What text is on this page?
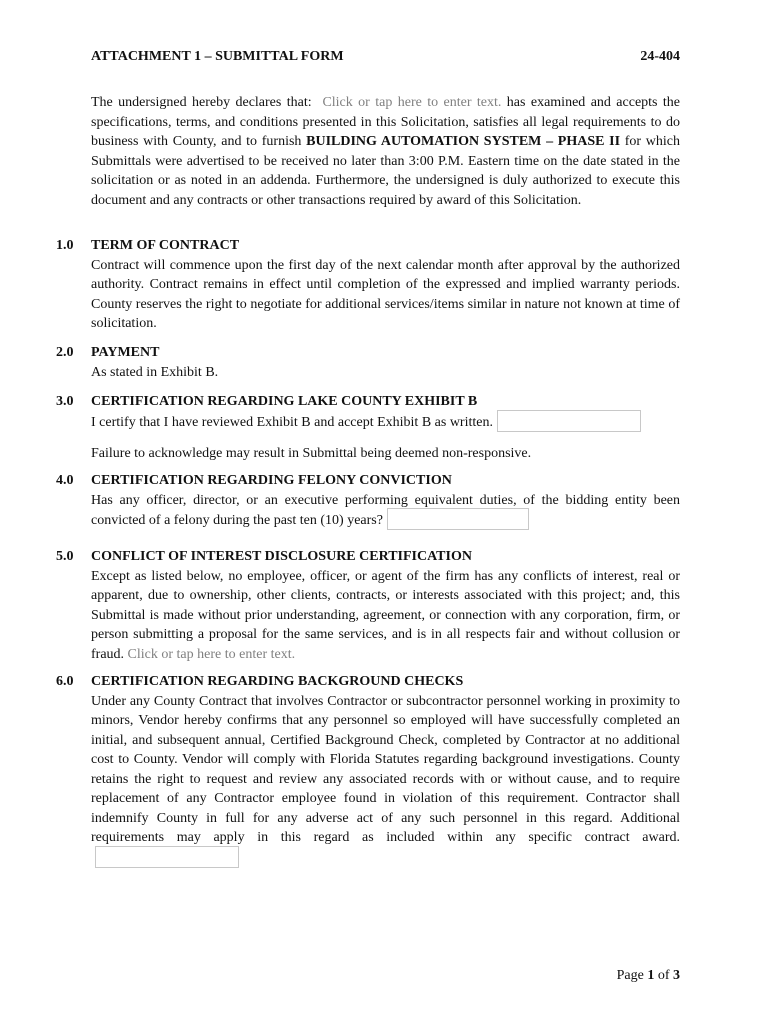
ATTACHMENT 1 – SUBMITTAL FORM	24-404
The undersigned hereby declares that: Click or tap here to enter text. has examined and accepts the specifications, terms, and conditions presented in this Solicitation, satisfies all legal requirements to do business with County, and to furnish BUILDING AUTOMATION SYSTEM – PHASE II for which Submittals were advertised to be received no later than 3:00 P.M. Eastern time on the date stated in the solicitation or as noted in an addenda. Furthermore, the undersigned is duly authorized to execute this document and any contracts or other transactions required by award of this Solicitation.
1.0	TERM OF CONTRACT
Contract will commence upon the first day of the next calendar month after approval by the authorized authority. Contract remains in effect until completion of the expressed and implied warranty periods. County reserves the right to negotiate for additional services/items similar in nature not known at time of solicitation.
2.0	PAYMENT
As stated in Exhibit B.
3.0	CERTIFICATION REGARDING LAKE COUNTY EXHIBIT B
I certify that I have reviewed Exhibit B and accept Exhibit B as written.
Failure to acknowledge may result in Submittal being deemed non-responsive.
4.0	CERTIFICATION REGARDING FELONY CONVICTION
Has any officer, director, or an executive performing equivalent duties, of the bidding entity been convicted of a felony during the past ten (10) years?
5.0	CONFLICT OF INTEREST DISCLOSURE CERTIFICATION
Except as listed below, no employee, officer, or agent of the firm has any conflicts of interest, real or apparent, due to ownership, other clients, contracts, or interests associated with this project; and, this Submittal is made without prior understanding, agreement, or connection with any corporation, firm, or person submitting a proposal for the same services, and is in all respects fair and without collusion or fraud. Click or tap here to enter text.
6.0	CERTIFICATION REGARDING BACKGROUND CHECKS
Under any County Contract that involves Contractor or subcontractor personnel working in proximity to minors, Vendor hereby confirms that any personnel so employed will have successfully completed an initial, and subsequent annual, Certified Background Check, completed by Contractor at no additional cost to County. Vendor will comply with Florida Statutes regarding background investigations. County retains the right to request and review any associated records with or without cause, and to require replacement of any Contractor employee found in violation of this requirement. Contractor shall indemnify County in full for any adverse act of any such personnel in this regard. Additional requirements may apply in this regard as included within any specific contract award.
Page 1 of 3
